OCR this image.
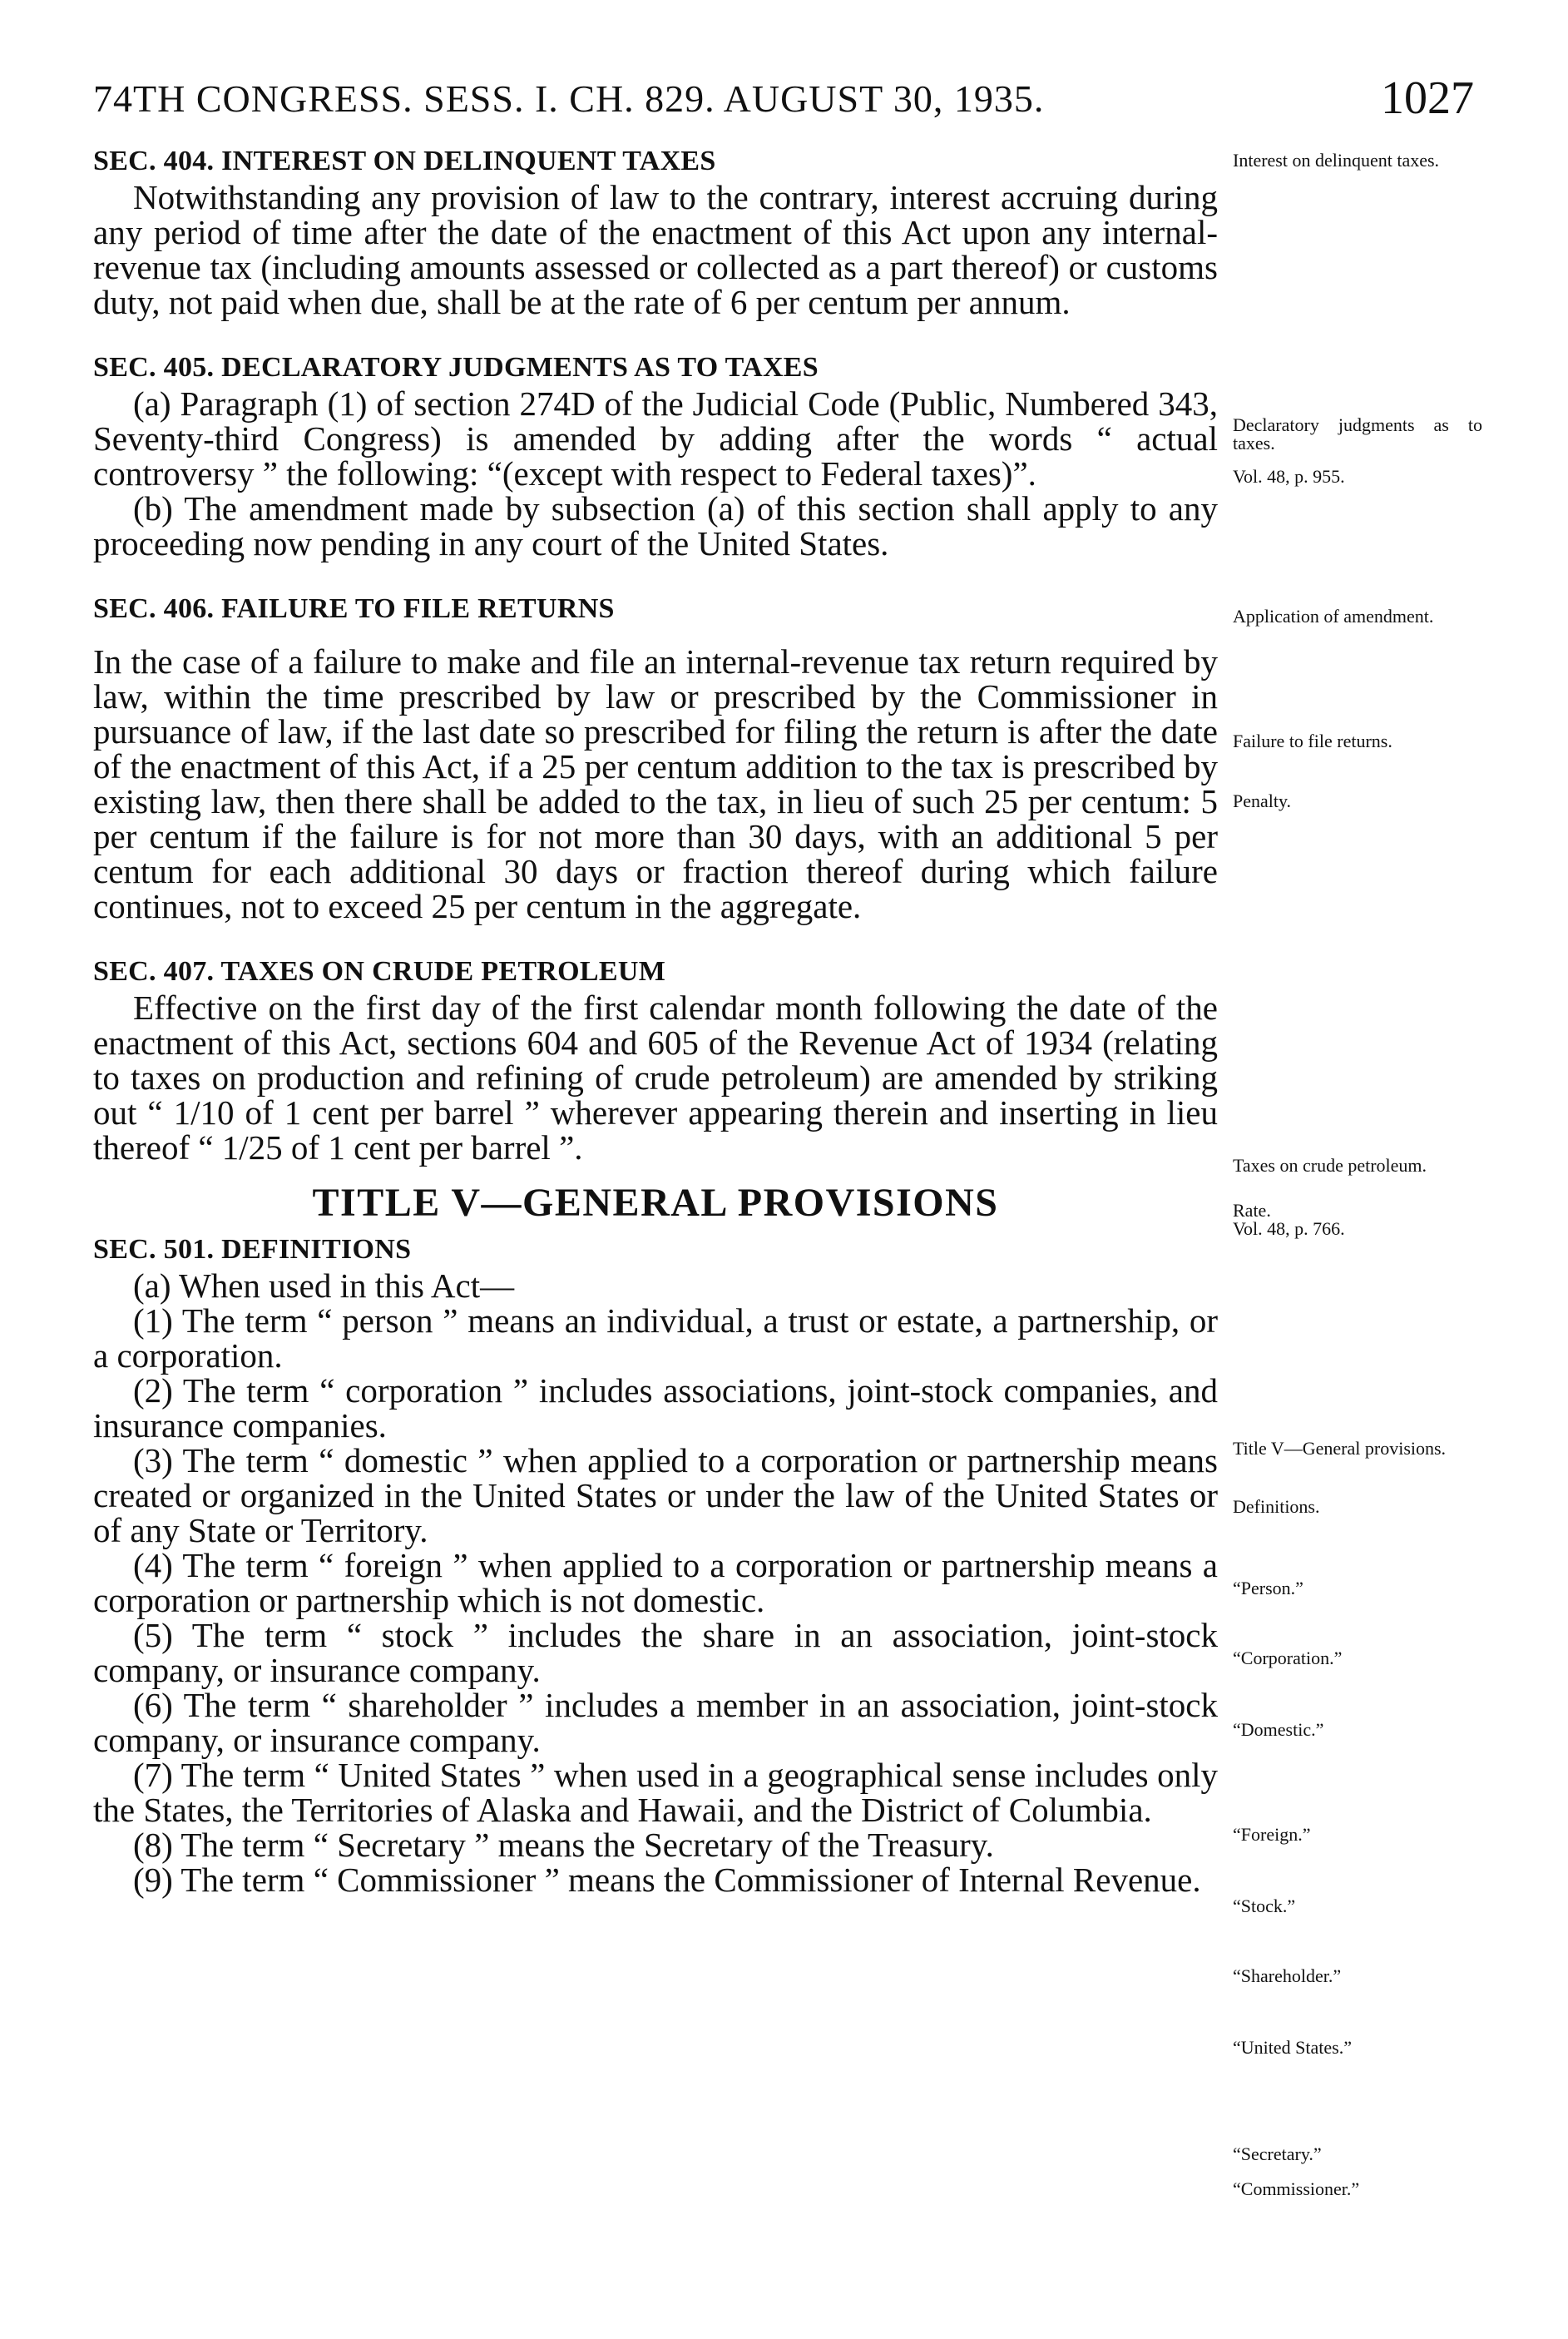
74TH CONGRESS. SESS. I. CH. 829. AUGUST 30, 1935.	1027
SEC. 404. INTEREST ON DELINQUENT TAXES

Notwithstanding any provision of law to the contrary, interest accruing during any period of time after the date of the enactment of this Act upon any internal-revenue tax (including amounts assessed or collected as a part thereof) or customs duty, not paid when due, shall be at the rate of 6 per centum per annum.

SEC. 405. DECLARATORY JUDGMENTS AS TO TAXES

(a) Paragraph (1) of section 274D of the Judicial Code (Public, Numbered 343, Seventy-third Congress) is amended by adding after the words “ actual controversy ” the following: “(except with respect to Federal taxes)”.

(b) The amendment made by subsection (a) of this section shall apply to any proceeding now pending in any court of the United States.

SEC. 406. FAILURE TO FILE RETURNS

In the case of a failure to make and file an internal-revenue tax return required by law, within the time prescribed by law or prescribed by the Commissioner in pursuance of law, if the last date so prescribed for filing the return is after the date of the enactment of this Act, if a 25 per centum addition to the tax is prescribed by existing law, then there shall be added to the tax, in lieu of such 25 per centum: 5 per centum if the failure is for not more than 30 days, with an additional 5 per centum for each additional 30 days or fraction thereof during which failure continues, not to exceed 25 per centum in the aggregate.

SEC. 407. TAXES ON CRUDE PETROLEUM

Effective on the first day of the first calendar month following the date of the enactment of this Act, sections 604 and 605 of the Revenue Act of 1934 (relating to taxes on production and refining of crude petroleum) are amended by striking out “ 1/10 of 1 cent per barrel ” wherever appearing therein and inserting in lieu thereof “ 1/25 of 1 cent per barrel ”.

TITLE V—GENERAL PROVISIONS
SEC. 501. DEFINITIONS

(a) When used in this Act—

(1) The term “ person ” means an individual, a trust or estate, a partnership, or a corporation.

(2) The term “ corporation ” includes associations, joint-stock companies, and insurance companies.

(3) The term “ domestic ” when applied to a corporation or partnership means created or organized in the United States or under the law of the United States or of any State or Territory.

(4) The term “ foreign ” when applied to a corporation or partnership means a corporation or partnership which is not domestic.

(5) The term “ stock ” includes the share in an association, joint-stock company, or insurance company.

(6) The term “ shareholder ” includes a member in an association, joint-stock company, or insurance company.

(7) The term “ United States ” when used in a geographical sense includes only the States, the Territories of Alaska and Hawaii, and the District of Columbia.

(8) The term “ Secretary ” means the Secretary of the Treasury.

(9) The term “ Commissioner ” means the Commissioner of Internal Revenue.

Interest on delinquent taxes.
Declaratory judgments as to taxes.
Vol. 48, p. 955.
Application of amendment.
Failure to file returns.
Penalty.
Taxes on crude petroleum.
Rate.
Vol. 48, p. 766.
Title V—General provisions.
Definitions.
“Person.”
“Corporation.”
“Domestic.”
“Foreign.”
“Stock.”
“Shareholder.”
“United States.”
“Secretary.”
“Commissioner.”
